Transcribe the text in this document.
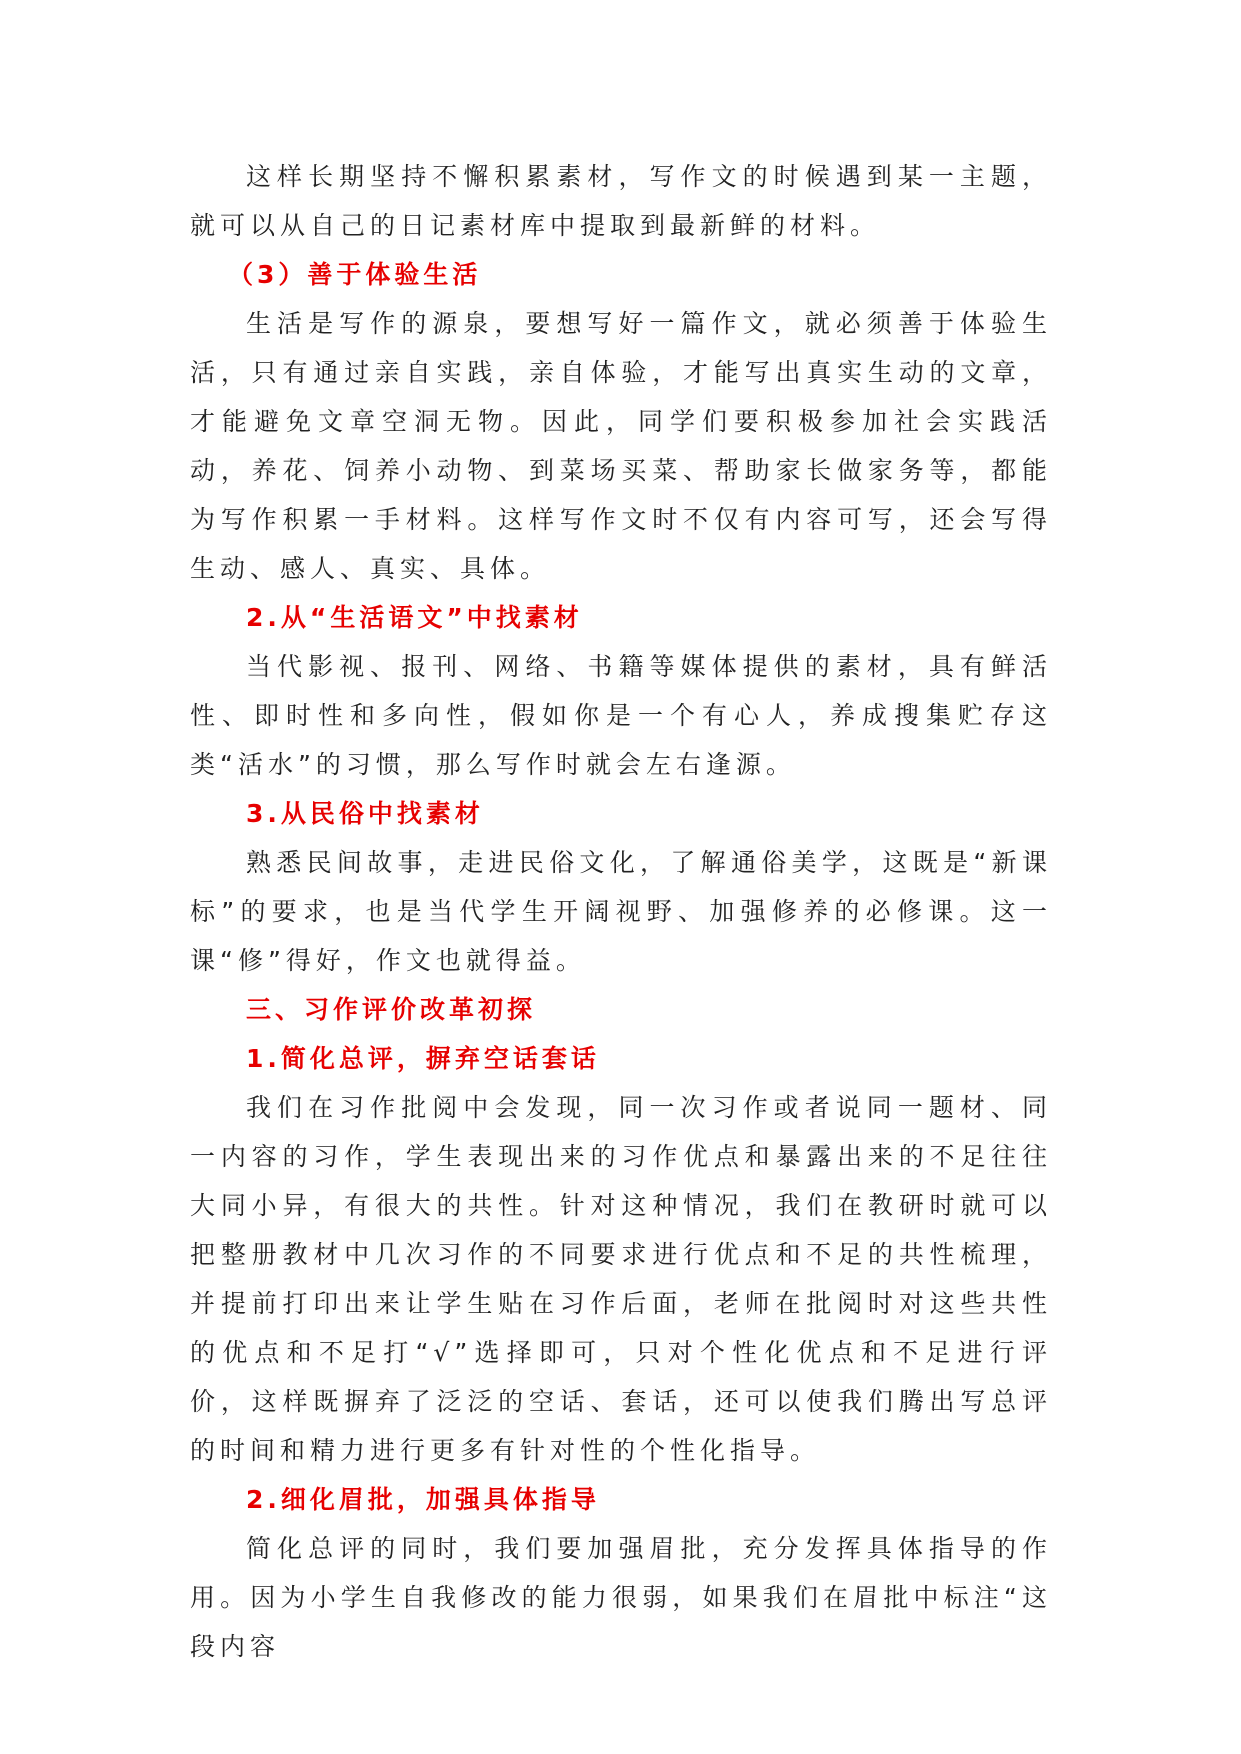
这样长期坚持不懈积累素材，写作文的时候遇到某一主题，就可以从自己的日记素材库中提取到最新鲜的材料。

（3）善于体验生活

生活是写作的源泉，要想写好一篇作文，就必须善于体验生活，只有通过亲自实践，亲自体验，才能写出真实生动的文章，才能避免文章空洞无物。因此，同学们要积极参加社会实践活动，养花、饲养小动物、到菜场买菜、帮助家长做家务等，都能为写作积累一手材料。这样写作文时不仅有内容可写，还会写得生动、感人、真实、具体。

2.从“生活语文”中找素材

当代影视、报刊、网络、书籍等媒体提供的素材，具有鲜活性、即时性和多向性，假如你是一个有心人，养成搜集贮存这类“活水”的习惯，那么写作时就会左右逢源。

3.从民俗中找素材

熟悉民间故事，走进民俗文化，了解通俗美学，这既是“新课标”的要求，也是当代学生开阔视野、加强修养的必修课。这一课“修”得好，作文也就得益。

三、习作评价改革初探

1.简化总评，摒弃空话套话

我们在习作批阅中会发现，同一次习作或者说同一题材、同一内容的习作，学生表现出来的习作优点和暴露出来的不足往往大同小异，有很大的共性。针对这种情况，我们在教研时就可以把整册教材中几次习作的不同要求进行优点和不足的共性梳理，并提前打印出来让学生贴在习作后面，老师在批阅时对这些共性的优点和不足打“√”选择即可，只对个性化优点和不足进行评价，这样既摒弃了泛泛的空话、套话，还可以使我们腾出写总评的时间和精力进行更多有针对性的个性化指导。

2.细化眉批，加强具体指导

简化总评的同时，我们要加强眉批，充分发挥具体指导的作用。因为小学生自我修改的能力很弱，如果我们在眉批中标注“这段内容
